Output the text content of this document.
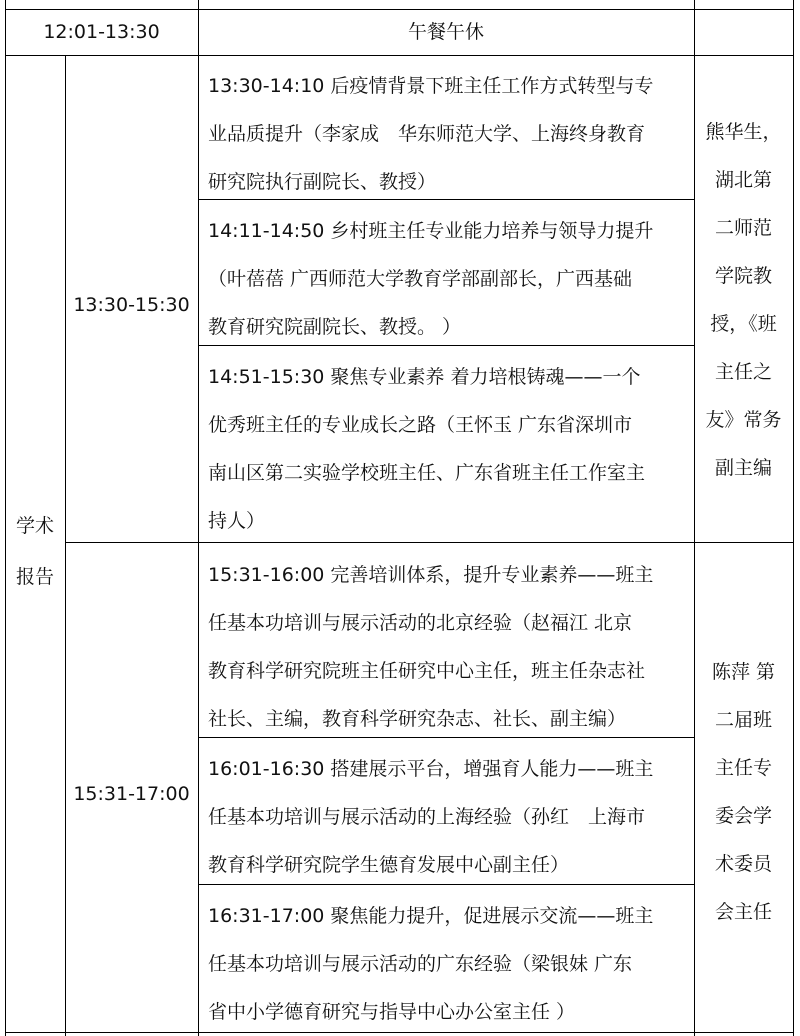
12:01-13:30	午餐午休
学术
报告
13:30-15:30
13:30-14:10 后疫情背景下班主任工作方式转型与专
业品质提升（李家成　华东师范大学、上海终身教育
研究院执行副院长、教授）
14:11-14:50 乡村班主任专业能力培养与领导力提升
（叶蓓蓓 广西师范大学教育学部副部长，广西基础
教育研究院副院长、教授。 ）
14:51-15:30 聚焦专业素养 着力培根铸魂——一个
优秀班主任的专业成长之路（王怀玉 广东省深圳市
南山区第二实验学校班主任、广东省班主任工作室主
持人）
熊华生，
湖北第
二师范
学院教
授，《班
主任之
友》常务
副主编
15:31-17:00
15:31-16:00 完善培训体系，提升专业素养——班主
任基本功培训与展示活动的北京经验（赵福江 北京
教育科学研究院班主任研究中心主任，班主任杂志社
社长、主编，教育科学研究杂志、社长、副主编）
16:01-16:30 搭建展示平台，增强育人能力——班主
任基本功培训与展示活动的上海经验（孙红　上海市
教育科学研究院学生德育发展中心副主任）
16:31-17:00 聚焦能力提升，促进展示交流——班主
任基本功培训与展示活动的广东经验（梁银妹 广东
省中小学德育研究与指导中心办公室主任 ）
陈萍 第
二届班
主任专
委会学
术委员
会主任
